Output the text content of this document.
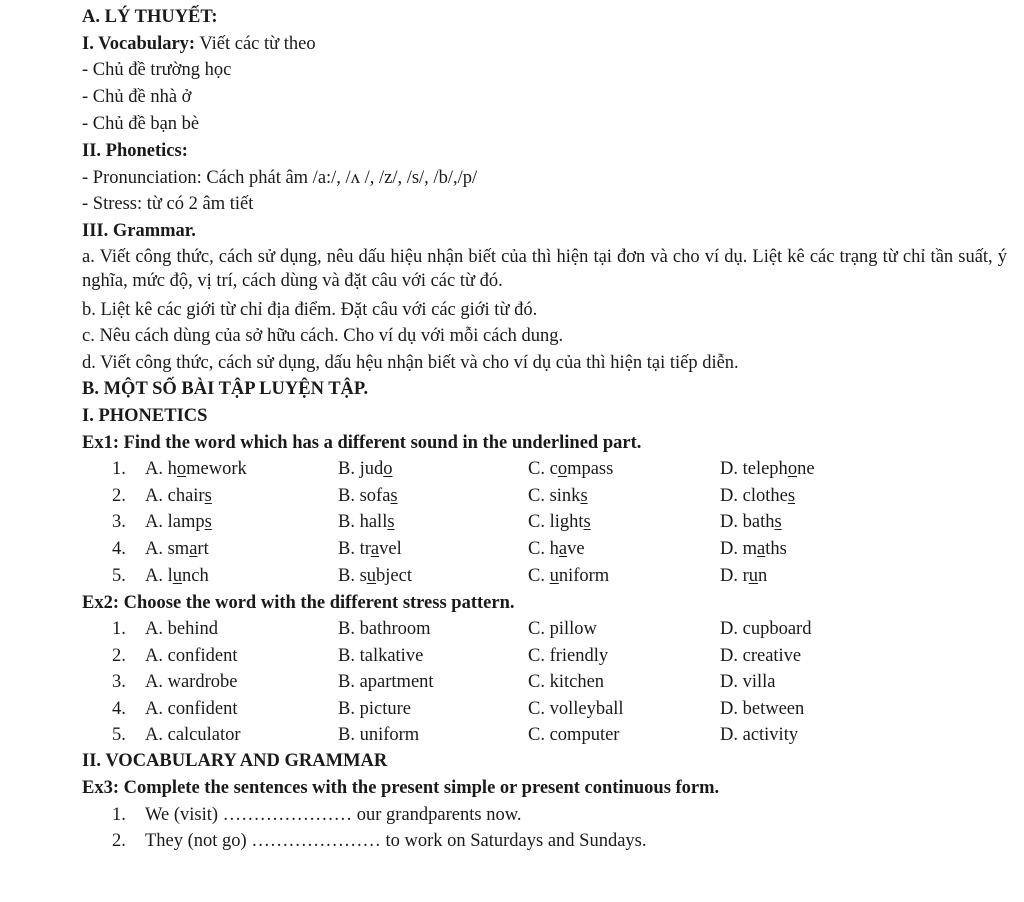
A. LÝ THUYẾT:
I. Vocabulary: Viết các từ theo
- Chủ đề trường học
- Chủ đề nhà ở
- Chủ đề bạn bè
II. Phonetics:
- Pronunciation: Cách phát âm /a:/, /ʌ /, /z/, /s/, /b/,/p/
- Stress: từ có 2 âm tiết
III. Grammar.
a. Viết công thức, cách sử dụng, nêu dấu hiệu nhận biết của thì hiện tại đơn và cho ví dụ. Liệt kê các trạng từ chỉ tần suất, ý nghĩa, mức độ, vị trí, cách dùng và đặt câu với các từ đó.
b. Liệt kê các giới từ chỉ địa điểm. Đặt câu với các giới từ đó.
c. Nêu cách dùng của sở hữu cách. Cho ví dụ với mỗi cách dung.
d. Viết công thức, cách sử dụng, dấu hệu nhận biết và cho ví dụ của thì hiện tại tiếp diễn.
B. MỘT SỐ BÀI TẬP LUYỆN TẬP.
I. PHONETICS
Ex1: Find the word which has a different sound in the underlined part.
1. A. homework	B. judo	C. compass	D. telephone
2. A. chairs	B. sofas	C. sinks	D. clothes
3. A. lamps	B. halls	C. lights	D. baths
4. A. smart	B. travel	C. have	D. maths
5. A. lunch	B. subject	C. uniform	D. run
Ex2: Choose the word with the different stress pattern.
1. A. behind	B. bathroom	C. pillow	D. cupboard
2. A. confident	B. talkative	C. friendly	D. creative
3. A. wardrobe	B. apartment	C. kitchen	D. villa
4. A. confident	B. picture	C. volleyball	D. between
5. A. calculator	B. uniform	C. computer	D. activity
II. VOCABULARY AND GRAMMAR
Ex3: Complete the sentences with the present simple or present continuous form.
1. We (visit) ………………… our grandparents now.
2. They (not go) ………………… to work on Saturdays and Sundays.
